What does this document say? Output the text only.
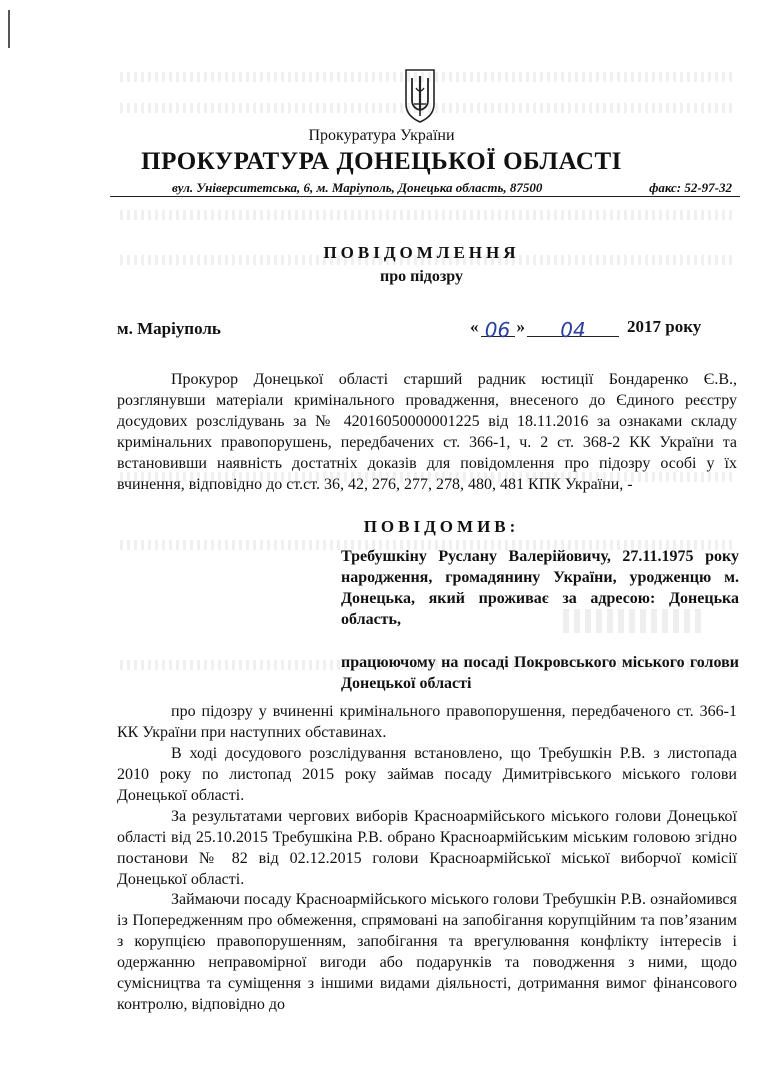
Прокуратура України
ПРОКУРАТУРА ДОНЕЦЬКОЇ ОБЛАСТІ
вул. Університетська, 6, м. Маріуполь, Донецька область, 87500	факс: 52-97-32
ПОВІДОМЛЕННЯ
про підозру
м. Маріуполь	« 06 »	04	2017 року
Прокурор Донецької області старший радник юстиції Бондаренко Є.В., розглянувши матеріали кримінального провадження, внесеного до Єдиного реєстру досудових розслідувань за № 42016050000001225 від 18.11.2016 за ознаками складу кримінальних правопорушень, передбачених ст. 366-1, ч. 2 ст. 368-2 КК України та встановивши наявність достатніх доказів для повідомлення про підозру особі у їх вчинення, відповідно до ст.ст. 36, 42, 276, 277, 278, 480, 481 КПК України, -
ПОВІДОМИВ:
Требушкіну Руслану Валерійовичу, 27.11.1975 року народження, громадянину України, уродженцю м. Донецька, який проживає за адресою: Донецька область,
працюючому на посаді Покровського міського голови Донецької області
про підозру у вчиненні кримінального правопорушення, передбаченого ст. 366-1 КК України при наступних обставинах.
В ході досудового розслідування встановлено, що Требушкін Р.В. з листопада 2010 року по листопад 2015 року займав посаду Димитрівського міського голови Донецької області.
За результатами чергових виборів Красноармійського міського голови Донецької області від 25.10.2015 Требушкіна Р.В. обрано Красноармійським міським головою згідно постанови № 82 від 02.12.2015 голови Красноармійської міської виборчої комісії Донецької області.
Займаючи посаду Красноармійського міського голови Требушкін Р.В. ознайомився із Попередженням про обмеження, спрямовані на запобігання корупційним та пов’язаним з корупцією правопорушенням, запобігання та врегулювання конфлікту інтересів і одержанню неправомірної вигоди або подарунків та поводження з ними, щодо сумісництва та суміщення з іншими видами діяльності, дотримання вимог фінансового контролю, відповідно до
